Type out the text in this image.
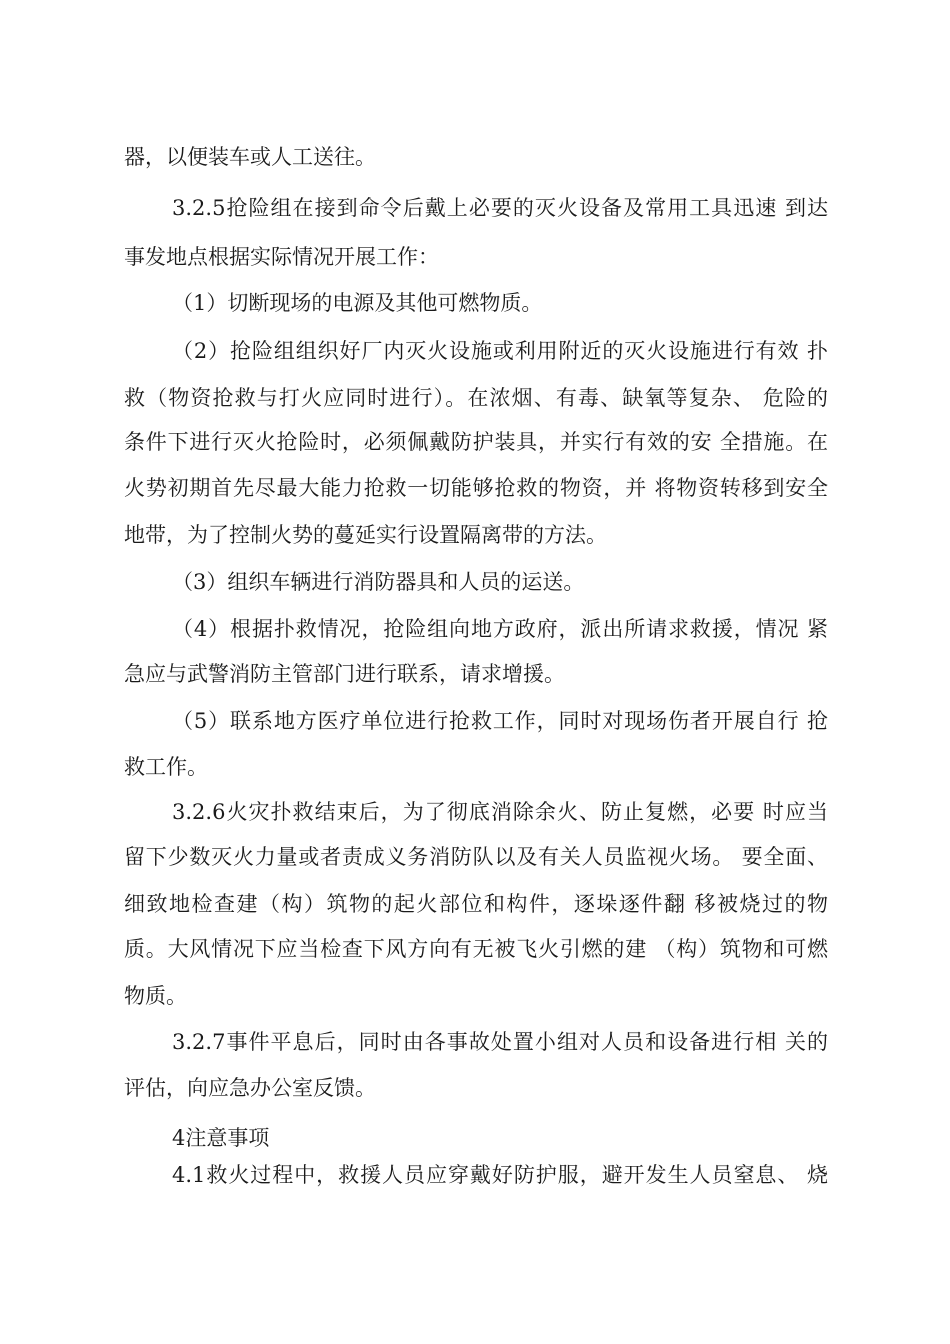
器，以便装车或人工送往。
3.2.5抢险组在接到命令后戴上必要的灭火设备及常用工具迅速 到达
事发地点根据实际情况开展工作：
（1）切断现场的电源及其他可燃物质。
（2）抢险组组织好厂内灭火设施或利用附近的灭火设施进行有效 扑
救（物资抢救与打火应同时进行）。在浓烟、有毒、缺氧等复杂、 危险的
条件下进行灭火抢险时，必须佩戴防护装具，并实行有效的安 全措施。在
火势初期首先尽最大能力抢救一切能够抢救的物资，并 将物资转移到安全
地带，为了控制火势的蔓延实行设置隔离带的方法。
（3）组织车辆进行消防器具和人员的运送。
（4）根据扑救情况，抢险组向地方政府，派出所请求救援，情况 紧
急应与武警消防主管部门进行联系，请求增援。
（5）联系地方医疗单位进行抢救工作，同时对现场伤者开展自行 抢
救工作。
3.2.6火灾扑救结束后，为了彻底消除余火、防止复燃，必要 时应当
留下少数灭火力量或者责成义务消防队以及有关人员监视火场。 要全面、
细致地检查建（构）筑物的起火部位和构件，逐垛逐件翻 移被烧过的物
质。大风情况下应当检查下风方向有无被飞火引燃的建 （构）筑物和可燃
物质。
3.2.7事件平息后，同时由各事故处置小组对人员和设备进行相 关的
评估，向应急办公室反馈。
4注意事项
4.1救火过程中，救援人员应穿戴好防护服，避开发生人员窒息、 烧
